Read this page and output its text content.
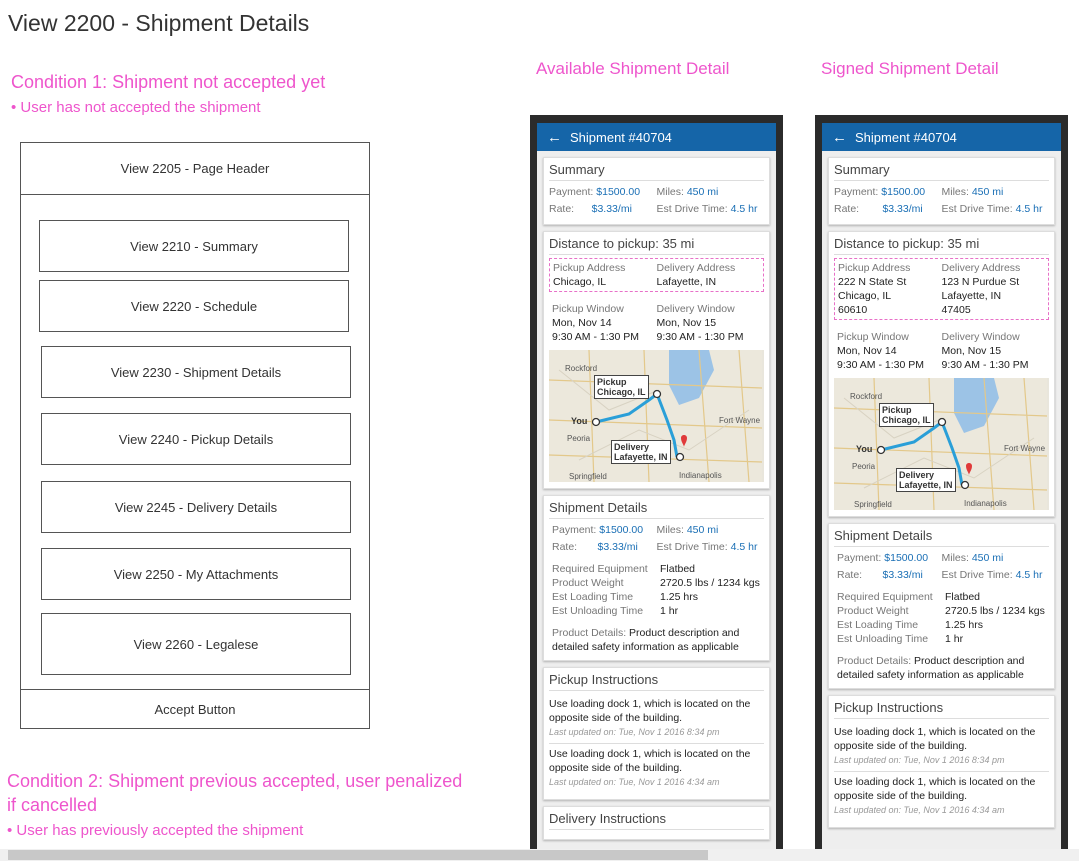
View 2200 - Shipment Details
Condition 1: Shipment not accepted yet
• User has not accepted the shipment
View 2205 - Page Header
View 2210 - Summary
View 2220 - Schedule
View 2230 - Shipment Details
View 2240 - Pickup Details
View 2245 - Delivery Details
View 2250 - My Attachments
View 2260 - Legalese
Accept Button
Condition 2: Shipment previous accepted, user penalized
if cancelled
• User has previously accepted the shipment
Available Shipment Detail	Signed Shipment Detail
← Shipment #40704
Summary
Payment: $1500.00	Miles: 450 mi
Rate: $3.33/mi	Est Drive Time: 4.5 hr
Distance to pickup: 35 mi
Pickup Address
Chicago, IL
Delivery Address
Lafayette, IN
Pickup Window
Mon, Nov 14
9:30 AM - 1:30 PM
Delivery Window
Mon, Nov 15
9:30 AM - 1:30 PM
Rockford
Peoria
Fort Wayne
Springfield	Indianapolis
Pickup
Chicago, IL
You
Delivery
Lafayette, IN
Shipment Details
Payment: $1500.00	Miles: 450 mi
Rate: $3.33/mi	Est Drive Time: 4.5 hr
Required Equipment	Flatbed
Product Weight	2720.5 lbs / 1234 kgs
Est Loading Time	1.25 hrs
Est Unloading Time	1 hr
Product Details: Product description and detailed safety information as applicable
Pickup Instructions
Use loading dock 1, which is located on the opposite side of the building.
Last updated on: Tue, Nov 1 2016 8:34 pm
Use loading dock 1, which is located on the opposite side of the building.
Last updated on: Tue, Nov 1 2016 4:34 am
Delivery Instructions
← Shipment #40704
Summary
Payment: $1500.00	Miles: 450 mi
Rate: $3.33/mi	Est Drive Time: 4.5 hr
Distance to pickup: 35 mi
Pickup Address
222 N State St
Chicago, IL
60610
Delivery Address
123 N Purdue St
Lafayette, IN
47405
Pickup Window
Mon, Nov 14
9:30 AM - 1:30 PM
Delivery Window
Mon, Nov 15
9:30 AM - 1:30 PM
Rockford
Peoria
Fort Wayne
Springfield	Indianapolis
Pickup
Chicago, IL
You
Delivery
Lafayette, IN
Shipment Details
Payment: $1500.00	Miles: 450 mi
Rate: $3.33/mi	Est Drive Time: 4.5 hr
Required Equipment	Flatbed
Product Weight	2720.5 lbs / 1234 kgs
Est Loading Time	1.25 hrs
Est Unloading Time	1 hr
Product Details: Product description and detailed safety information as applicable
Pickup Instructions
Use loading dock 1, which is located on the opposite side of the building.
Last updated on: Tue, Nov 1 2016 8:34 pm
Use loading dock 1, which is located on the opposite side of the building.
Last updated on: Tue, Nov 1 2016 4:34 am
